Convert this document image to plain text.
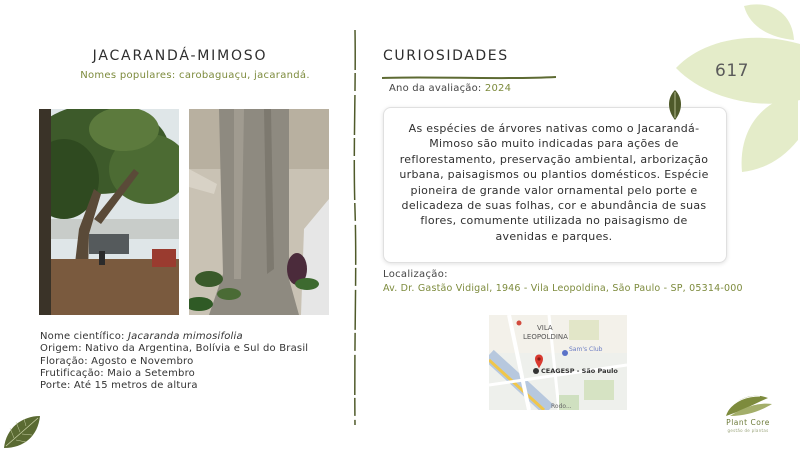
JACARANDÁ-MIMOSO
Nomes populares: carobaguaçu, jacarandá.
Nome científico: Jacaranda mimosifolia
Origem: Nativo da Argentina, Bolívia e Sul do Brasil
Floração: Agosto e Novembro
Frutificação: Maio a Setembro
Porte: Até 15 metros de altura
CURIOSIDADES
Ano da avaliação: 2024
As espécies de árvores nativas como o Jacarandá-Mimoso são muito indicadas para ações de reflorestamento, preservação ambiental, arborização urbana, paisagismos ou plantios domésticos. Espécie pioneira de grande valor ornamental pelo porte e delicadeza de suas folhas, cor e abundância de suas flores, comumente utilizada no paisagismo de avenidas e parques.
Localização:
Av. Dr. Gastão Vidigal, 1946 - Vila Leopoldina, São Paulo - SP, 05314-000
VILA
LEOPOLDINA
Sam's Club
CEAGESP - São Paulo
Rodo...
617
Plant Core
gestão de plantas
